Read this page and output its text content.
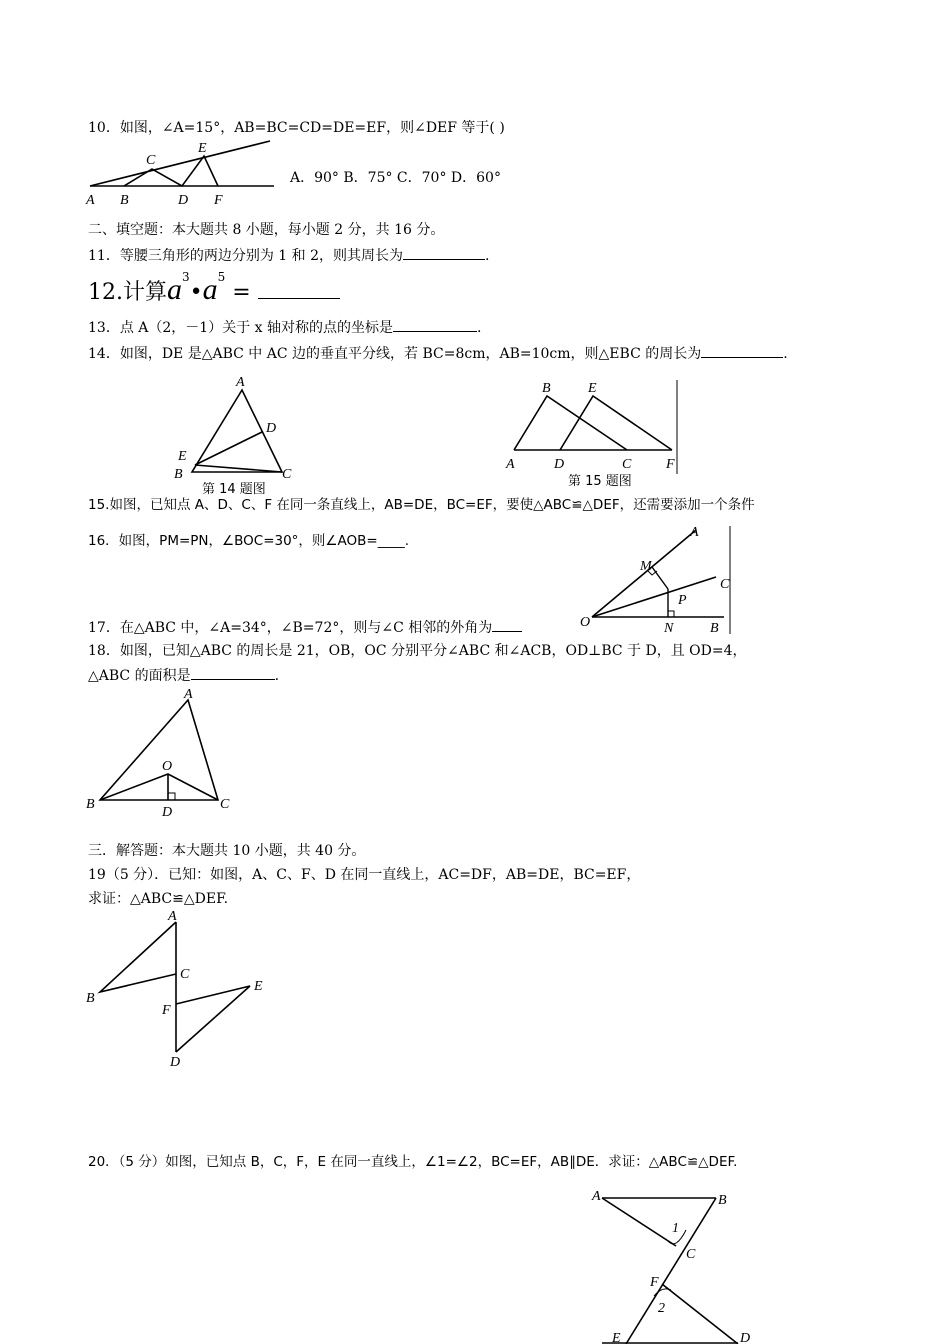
10．如图，∠A=15°，AB=BC=CD=DE=EF，则∠DEF 等于( )
A B
C
D
E
F
A．90° B．75° C．70° D．60°
二、填空题：本大题共 8 小题，每小题 2 分，共 16 分。
11．等腰三角形的两边分别为 1 和 2，则其周长为	.
12.计算$a^3•a^5$ =
13．点 A（2，－1）关于 x 轴对称的点的坐标是	.
14．如图，DE 是△ABC 中 AC 边的垂直平分线，若 BC=8cm，AB=10cm，则△EBC 的周长为	.
A
D
E
B	C
第 14 题图
B	E
A	D	C F
第 15 题图
15.如图，已知点 A、D、C、F 在同一条直线上，AB=DE，BC=EF，要使△ABC≌△DEF，还需要添加一个条件
16．如图，PM=PN，∠BOC=30°，则∠AOB=____.
A
M
C
P
O	N	B
17．在△ABC 中，∠A=34°，∠B=72°，则与∠C 相邻的外角为
18．如图，已知△ABC 的周长是 21，OB，OC 分别平分∠ABC 和∠ACB，OD⊥BC 于 D，且 OD=4，
△ABC 的面积是	.
A
O
B
D
C
三．解答题：本大题共 10 小题，共 40 分。
19（5 分）．已知：如图，A、C、F、D 在同一直线上，AC=DF，AB=DE，BC=EF，
求证：△ABC≌△DEF.
A
C
B
E
F
D
20．（5 分）如图，已知点 B，C，F，E 在同一直线上，∠1=∠2，BC=EF，AB∥DE．求证：△ABC≌△DEF.
A	B
1
C
F
2
E	D
